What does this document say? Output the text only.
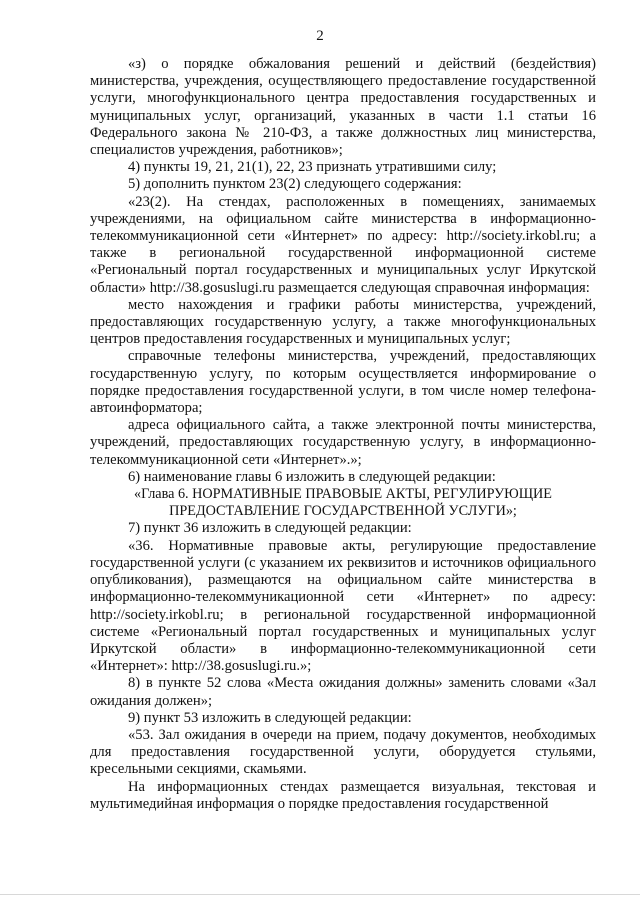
2

«з) о порядке обжалования решений и действий (бездействия) министерства, учреждения, осуществляющего предоставление государственной услуги, многофункционального центра предоставления государственных и муниципальных услуг, организаций, указанных в части 1.1 статьи 16 Федерального закона № 210-ФЗ, а также должностных лиц министерства, специалистов учреждения, работников»;

4) пункты 19, 21, 21(1), 22, 23 признать утратившими силу;

5) дополнить пунктом 23(2) следующего содержания:

«23(2). На стендах, расположенных в помещениях, занимаемых учреждениями, на официальном сайте министерства в информационно-телекоммуникационной сети «Интернет» по адресу: http://society.irkobl.ru; а также в региональной государственной информационной системе «Региональный портал государственных и муниципальных услуг Иркутской области» http://38.gosuslugi.ru размещается следующая справочная информация:

место нахождения и графики работы министерства, учреждений, предоставляющих государственную услугу, а также многофункциональных центров предоставления государственных и муниципальных услуг;

справочные телефоны министерства, учреждений, предоставляющих государственную услугу, по которым осуществляется информирование о порядке предоставления государственной услуги, в том числе номер телефона-автоинформатора;

адреса официального сайта, а также электронной почты министерства, учреждений, предоставляющих государственную услугу, в информационно-телекоммуникационной сети «Интернет».»;

6) наименование главы 6 изложить в следующей редакции:

«Глава 6. НОРМАТИВНЫЕ ПРАВОВЫЕ АКТЫ, РЕГУЛИРУЮЩИЕ ПРЕДОСТАВЛЕНИЕ ГОСУДАРСТВЕННОЙ УСЛУГИ»;

7) пункт 36 изложить в следующей редакции:

«36. Нормативные правовые акты, регулирующие предоставление государственной услуги (с указанием их реквизитов и источников официального опубликования), размещаются на официальном сайте министерства в информационно-телекоммуникационной сети «Интернет» по адресу: http://society.irkobl.ru; в региональной государственной информационной системе «Региональный портал государственных и муниципальных услуг Иркутской области» в информационно-телекоммуникационной сети «Интернет»: http://38.gosuslugi.ru.»;

8) в пункте 52 слова «Места ожидания должны» заменить словами «Зал ожидания должен»;

9) пункт 53 изложить в следующей редакции:

«53. Зал ожидания в очереди на прием, подачу документов, необходимых для предоставления государственной услуги, оборудуется стульями, кресельными секциями, скамьями.

На информационных стендах размещается визуальная, текстовая и мультимедийная информация о порядке предоставления государственной
